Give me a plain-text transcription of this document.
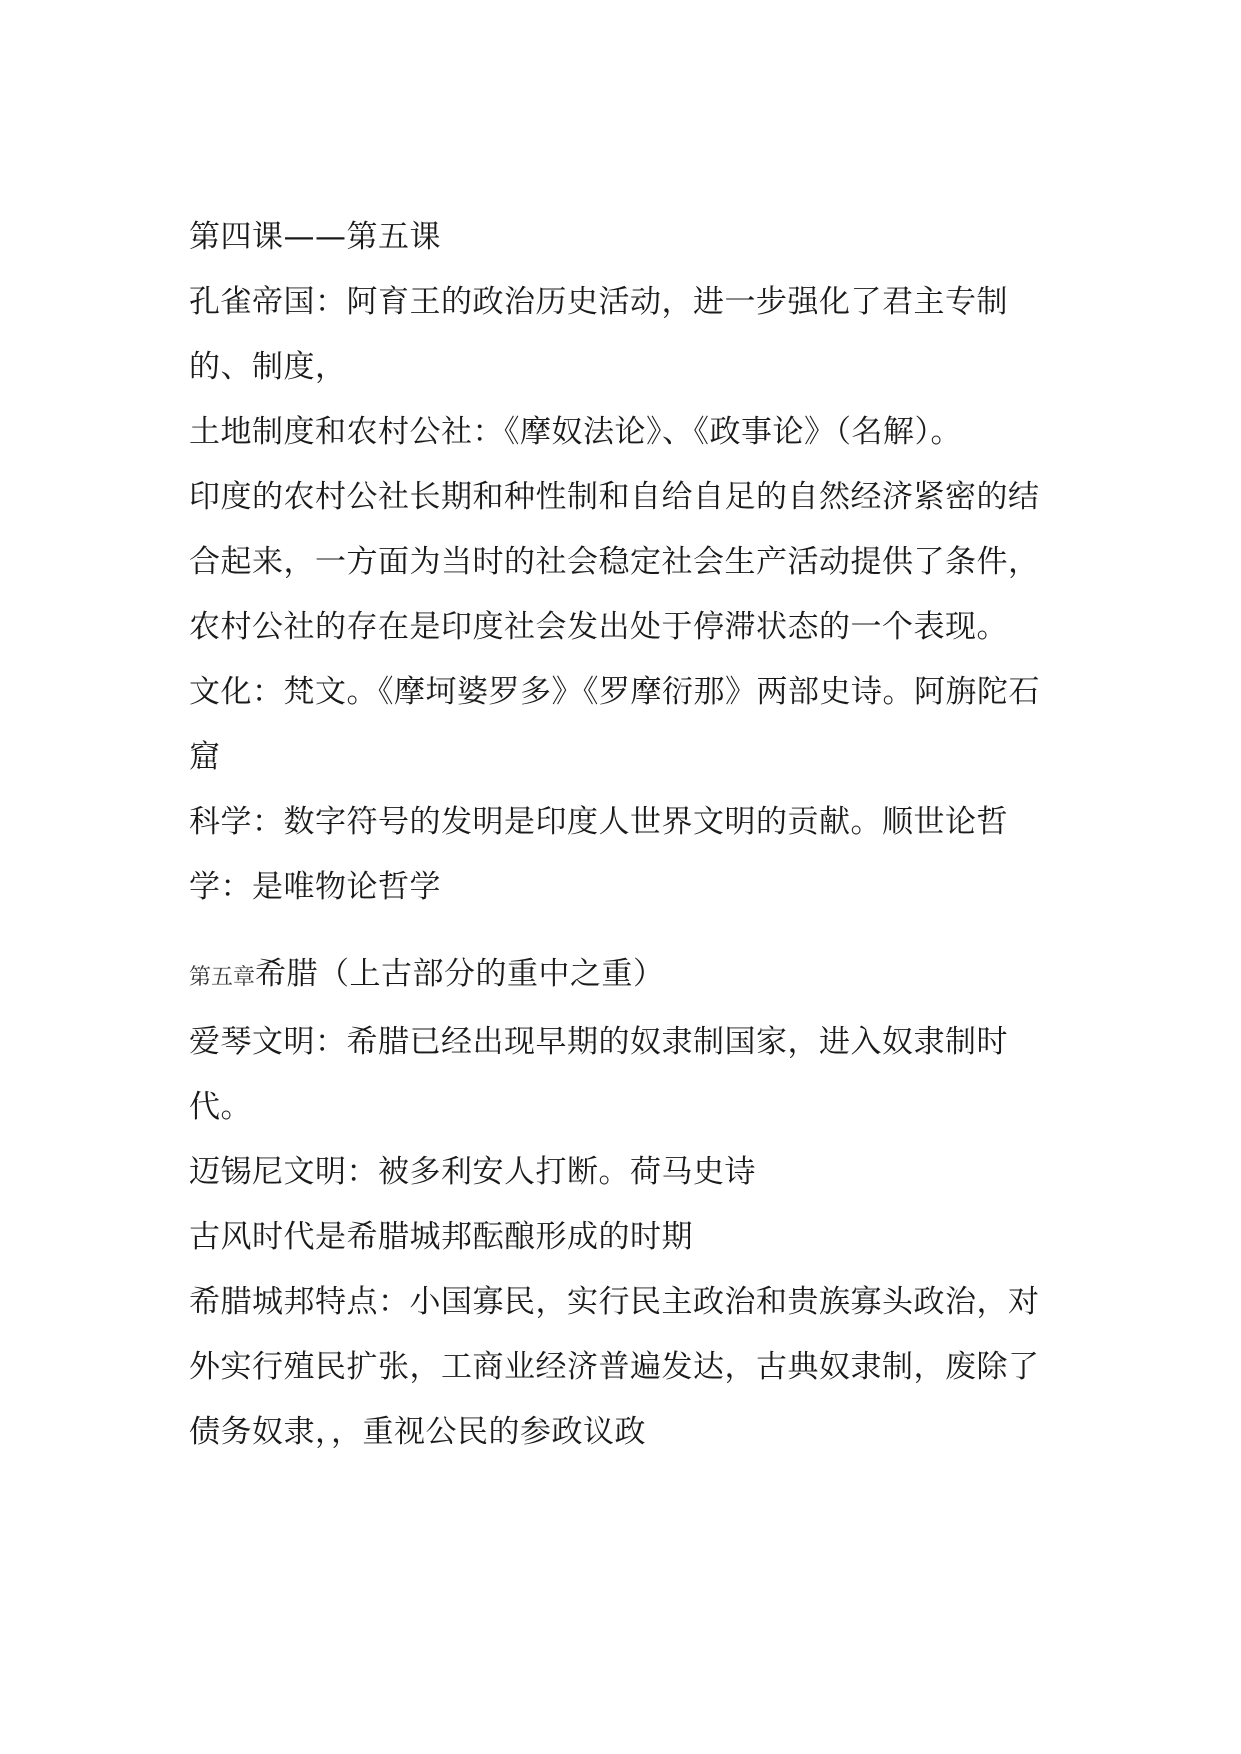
第四课——第五课

孔雀帝国：阿育王的政治历史活动，进一步强化了君主专制的、制度，

土地制度和农村公社：《摩奴法论》、《政事论》（名解）。

印度的农村公社长期和种性制和自给自足的自然经济紧密的结合起来，一方面为当时的社会稳定社会生产活动提供了条件，农村公社的存在是印度社会发出处于停滞状态的一个表现。

文化：梵文。《摩坷婆罗多》《罗摩衍那》两部史诗。阿旃陀石窟

科学：数字符号的发明是印度人世界文明的贡献。顺世论哲学：是唯物论哲学

第五章希腊（上古部分的重中之重）

爱琴文明：希腊已经出现早期的奴隶制国家，进入奴隶制时代。

迈锡尼文明：被多利安人打断。荷马史诗

古风时代是希腊城邦酝酿形成的时期

希腊城邦特点：小国寡民，实行民主政治和贵族寡头政治，对外实行殖民扩张，工商业经济普遍发达，古典奴隶制，废除了债务奴隶，，重视公民的参政议政
